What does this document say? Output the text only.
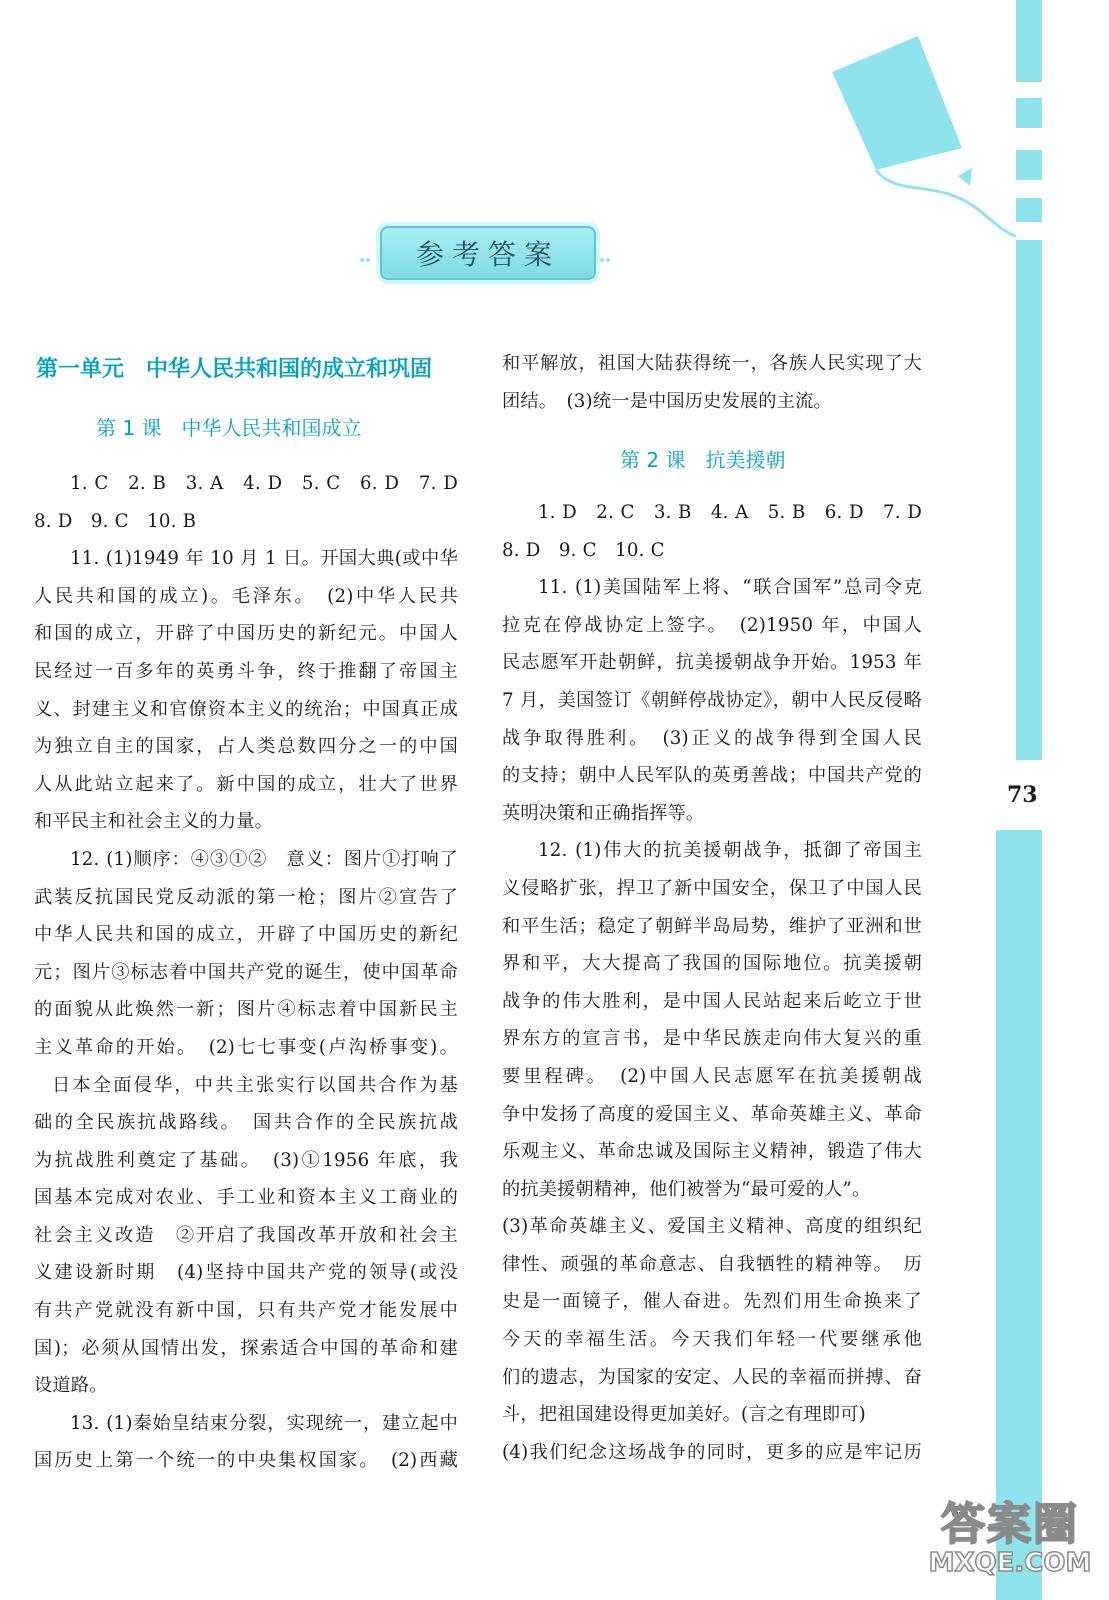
参考答案
第一单元　中华人民共和国的成立和巩固
第 1 课　中华人民共和国成立

1. C　2. B　3. A　4. D　5. C　6. D　7. D

8. D　9. C　10. B

11. (1)1949 年 10 月 1 日。开国大典(或中华

人民共和国的成立)。毛泽东。　(2)中华人民共

和国的成立，开辟了中国历史的新纪元。中国人

民经过一百多年的英勇斗争，终于推翻了帝国主

义、封建主义和官僚资本主义的统治；中国真正成

为独立自主的国家，占人类总数四分之一的中国

人从此站立起来了。新中国的成立，壮大了世界

和平民主和社会主义的力量。

12. (1)顺序：④③①②　意义：图片①打响了

武装反抗国民党反动派的第一枪；图片②宣告了

中华人民共和国的成立，开辟了中国历史的新纪

元；图片③标志着中国共产党的诞生，使中国革命

的面貌从此焕然一新；图片④标志着中国新民主

主义革命的开始。　(2)七七事变(卢沟桥事变)。

日本全面侵华，中共主张实行以国共合作为基

础的全民族抗战路线。　国共合作的全民族抗战

为抗战胜利奠定了基础。　(3)①1956 年底，我

国基本完成对农业、手工业和资本主义工商业的

社会主义改造　②开启了我国改革开放和社会主

义建设新时期　(4)坚持中国共产党的领导(或没

有共产党就没有新中国，只有共产党才能发展中

国)；必须从国情出发，探索适合中国的革命和建

设道路。

13. (1)秦始皇结束分裂，实现统一，建立起中

国历史上第一个统一的中央集权国家。　(2)西藏

和平解放，祖国大陆获得统一，各族人民实现了大

团结。　(3)统一是中国历史发展的主流。

第 2 课　抗美援朝

1. D　2. C　3. B　4. A　5. B　6. D　7. D

8. D　9. C　10. C

11. (1)美国陆军上将、“联合国军”总司令克

拉克在停战协定上签字。　(2)1950 年，中国人

民志愿军开赴朝鲜，抗美援朝战争开始。1953 年

7 月，美国签订《朝鲜停战协定》，朝中人民反侵略

战争取得胜利。　(3)正义的战争得到全国人民

的支持；朝中人民军队的英勇善战；中国共产党的

英明决策和正确指挥等。

12. (1)伟大的抗美援朝战争，抵御了帝国主

义侵略扩张，捍卫了新中国安全，保卫了中国人民

和平生活；稳定了朝鲜半岛局势，维护了亚洲和世

界和平，大大提高了我国的国际地位。抗美援朝

战争的伟大胜利，是中国人民站起来后屹立于世

界东方的宣言书，是中华民族走向伟大复兴的重

要里程碑。　(2)中国人民志愿军在抗美援朝战

争中发扬了高度的爱国主义、革命英雄主义、革命

乐观主义、革命忠诚及国际主义精神，锻造了伟大

的抗美援朝精神，他们被誉为“最可爱的人”。

(3)革命英雄主义、爱国主义精神、高度的组织纪

律性、顽强的革命意志、自我牺牲的精神等。　历

史是一面镜子，催人奋进。先烈们用生命换来了

今天的幸福生活。今天我们年轻一代要继承他

们的遗志，为国家的安定、人民的幸福而拼搏、奋

斗，把祖国建设得更加美好。(言之有理即可)

(4)我们纪念这场战争的同时，更多的应是牢记历

73
答案圈
MXQE.COM
